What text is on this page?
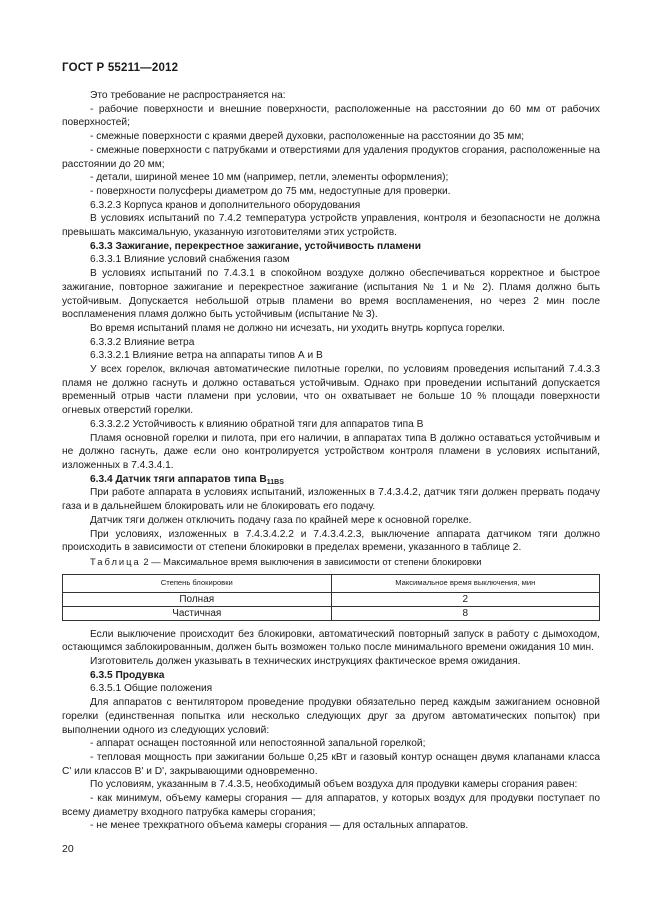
ГОСТ Р 55211—2012

Это требование не распространяется на:

- рабочие поверхности и внешние поверхности, расположенные на расстоянии до 60 мм от рабочих поверхностей;

- смежные поверхности с краями дверей духовки, расположенные на расстоянии до 35 мм;

- смежные поверхности с патрубками и отверстиями для удаления продуктов сгорания, расположенные на расстоянии до 20 мм;

- детали, шириной менее 10 мм (например, петли, элементы оформления);

- поверхности полусферы диаметром до 75 мм, недоступные для проверки.

6.3.2.3 Корпуса кранов и дополнительного оборудования

В условиях испытаний по 7.4.2 температура устройств управления, контроля и безопасности не должна превышать максимальную, указанную изготовителями этих устройств.

6.3.3 Зажигание, перекрестное зажигание, устойчивость пламени

6.3.3.1 Влияние условий снабжения газом

В условиях испытаний по 7.4.3.1 в спокойном воздухе должно обеспечиваться корректное и быстрое зажигание, повторное зажигание и перекрестное зажигание (испытания № 1 и № 2). Пламя должно быть устойчивым. Допускается небольшой отрыв пламени во время воспламенения, но через 2 мин после воспламенения пламя должно быть устойчивым (испытание № 3).

Во время испытаний пламя не должно ни исчезать, ни уходить внутрь корпуса горелки.

6.3.3.2 Влияние ветра

6.3.3.2.1 Влияние ветра на аппараты типов А и В

У всех горелок, включая автоматические пилотные горелки, по условиям проведения испытаний 7.4.3.3 пламя не должно гаснуть и должно оставаться устойчивым. Однако при проведении испытаний допускается временный отрыв части пламени при условии, что он охватывает не больше 10 % площади поверхности огневых отверстий горелки.

6.3.3.2.2 Устойчивость к влиянию обратной тяги для аппаратов типа В

Пламя основной горелки и пилота, при его наличии, в аппаратах типа В должно оставаться устойчивым и не должно гаснуть, даже если оно контролируется устройством контроля пламени в условиях испытаний, изложенных в 7.4.3.4.1.

6.3.4 Датчик тяги аппаратов типа $В_{11BS}$

При работе аппарата в условиях испытаний, изложенных в 7.4.3.4.2, датчик тяги должен прервать подачу газа и в дальнейшем блокировать или не блокировать его подачу.

Датчик тяги должен отключить подачу газа по крайней мере к основной горелке.

При условиях, изложенных в 7.4.3.4.2.2 и 7.4.3.4.2.3, выключение аппарата датчиком тяги должно происходить в зависимости от степени блокировки в пределах времени, указанного в таблице 2.

Таблица 2 — Максимальное время выключения в зависимости от степени блокировки

Степень блокировки	Максимальное время выключения, мин
Полная	2
Частичная	8

Если выключение происходит без блокировки, автоматический повторный запуск в работу с дымоходом, остающимся заблокированным, должен быть возможен только после минимального времени ожидания 10 мин.

Изготовитель должен указывать в технических инструкциях фактическое время ожидания.

6.3.5 Продувка

6.3.5.1 Общие положения

Для аппаратов с вентилятором проведение продувки обязательно перед каждым зажиганием основной горелки (единственная попытка или несколько следующих друг за другом автоматических попыток) при выполнении одного из следующих условий:

- аппарат оснащен постоянной или непостоянной запальной горелкой;

- тепловая мощность при зажигании больше 0,25 кВт и газовый контур оснащен двумя клапанами класса С' или классов В' и D', закрывающими одновременно.

По условиям, указанным в 7.4.3.5, необходимый объем воздуха для продувки камеры сгорания равен:

- как минимум, объему камеры сгорания — для аппаратов, у которых воздух для продувки поступает по всему диаметру входного патрубка камеры сгорания;

- не менее трехкратного объема камеры сгорания — для остальных аппаратов.

20
